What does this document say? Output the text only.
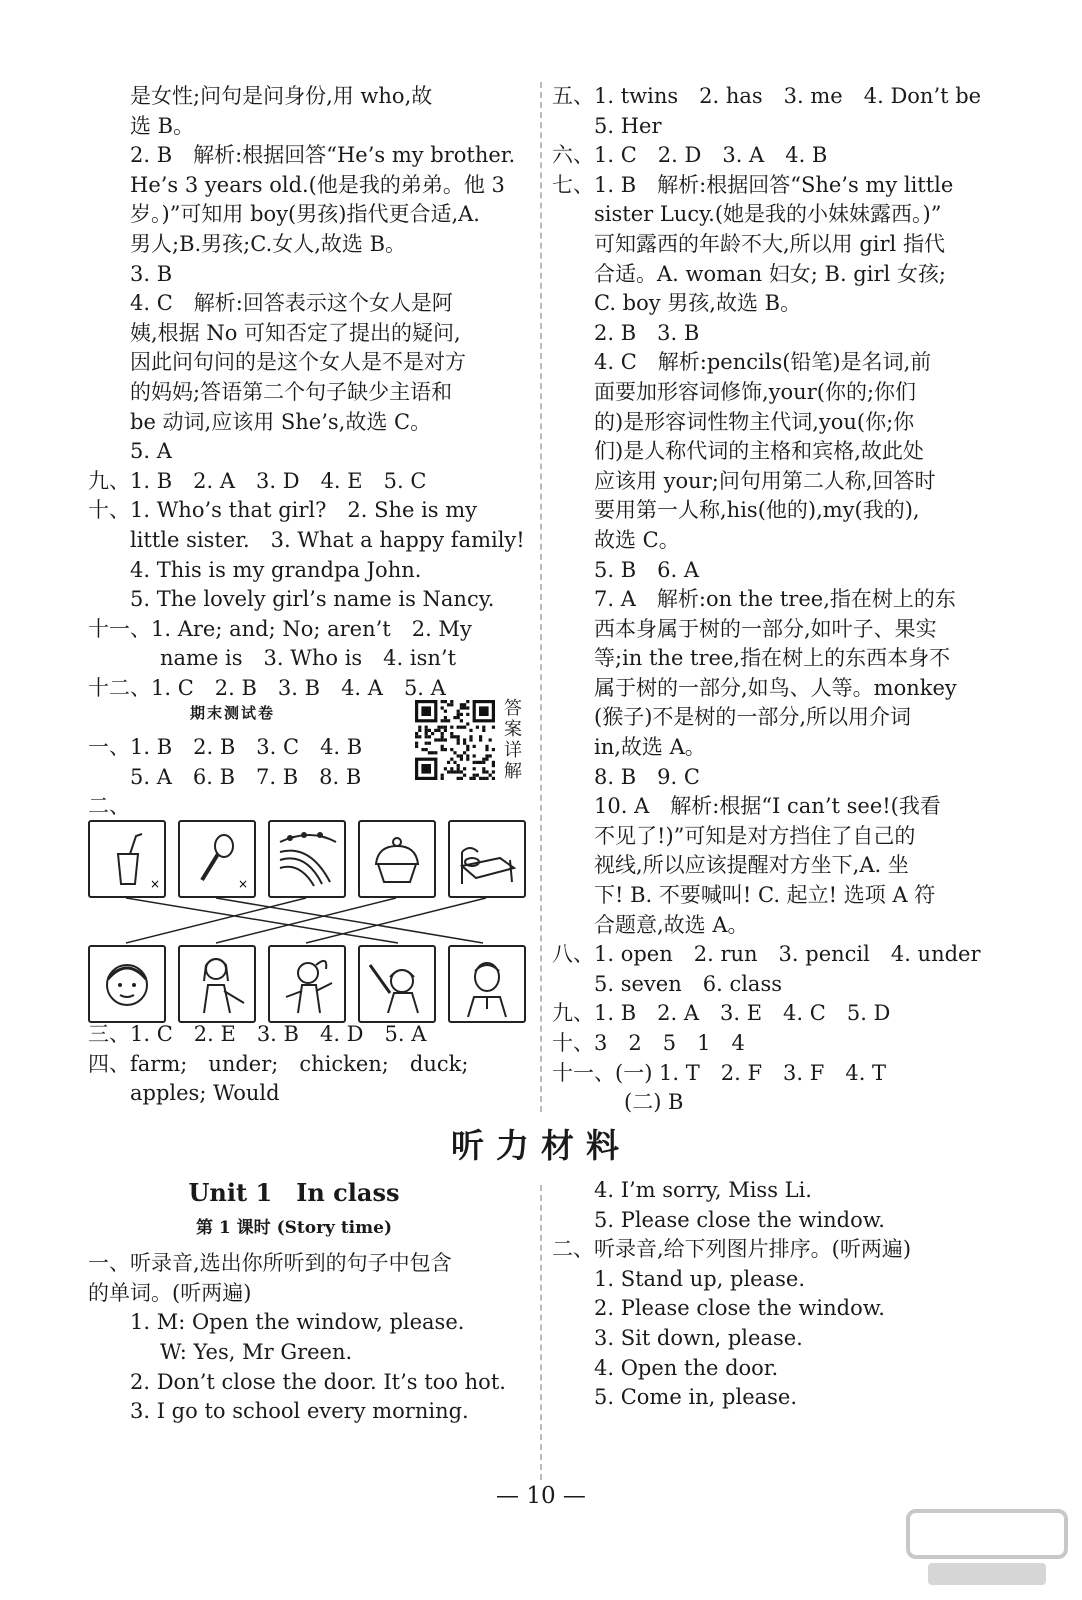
是女性;问句是问身份,用 who,故
选 B。
2. B　解析:根据回答“He’s my brother.
He’s 3 years old.(他是我的弟弟。他 3
岁。)”可知用 boy(男孩)指代更合适,A.
男人;B.男孩;C.女人,故选 B。
3. B
4. C　解析:回答表示这个女人是阿
姨,根据 No 可知否定了提出的疑问,
因此问句问的是这个女人是不是对方
的妈妈;答语第二个句子缺少主语和
be 动词,应该用 She’s,故选 C。
5. A
九、1. B　2. A　3. D　4. E　5. C
十、1. Who’s that girl?　2. She is my
little sister.　3. What a happy family!
4. This is my grandpa John.
5. The lovely girl’s name is Nancy.
十一、1. Are; and; No; aren’t　2. My
name is　3. Who is　4. isn’t
十二、1. C　2. B　3. B　4. A　5. A

一、1. B　2. B　3. C　4. B
5. A　6. B　7. B　8. B
二、
五、1. twins　2. has　3. me　4. Don’t be
5. Her
六、1. C　2. D　3. A　4. B
七、1. B　解析:根据回答“She’s my little
sister Lucy.(她是我的小妹妹露西。)”
可知露西的年龄不大,所以用 girl 指代
合适。A. woman 妇女; B. girl 女孩;
C. boy 男孩,故选 B。
2. B　3. B
4. C　解析:pencils(铅笔)是名词,前
面要加形容词修饰,your(你的;你们
的)是形容词性物主代词,you(你;你
们)是人称代词的主格和宾格,故此处
应该用 your;问句用第二人称,回答时
要用第一人称,his(他的),my(我的),
故选 C。
5. B　6. A
7. A　解析:on the tree,指在树上的东
西本身属于树的一部分,如叶子、果实
等;in the tree,指在树上的东西本身不
属于树的一部分,如鸟、人等。monkey
(猴子)不是树的一部分,所以用介词
in,故选 A。
8. B　9. C
10. A　解析:根据“I can’t see!(我看
不见了!)”可知是对方挡住了自己的
视线,所以应该提醒对方坐下,A. 坐
下! B. 不要喊叫! C. 起立! 选项 A 符
合题意,故选 A。
八、1. open　2. run　3. pencil　4. under
5. seven　6. class
九、1. B　2. A　3. E　4. C　5. D
十、3　2　5　1　4
十一、(一) 1. T　2. F　3. F　4. T
(二) B
期末测试卷	答
案
详
解
×	×
三、1. C　2. E　3. B　4. D　5. A
四、farm;　under;　chicken;　duck;
apples; Would
听力材料
Unit 1　In class
第 1 课时 (Story time)
一、听录音,选出你所听到的句子中包含
的单词。(听两遍)
1. M: Open the window, please.
W: Yes, Mr Green.
2. Don’t close the door. It’s too hot.
3. I go to school every morning.
4. I’m sorry, Miss Li.
5. Please close the window.
二、听录音,给下列图片排序。(听两遍)
1. Stand up, please.
2. Please close the window.
3. Sit down, please.
4. Open the door.
5. Come in, please.
— 10 —
